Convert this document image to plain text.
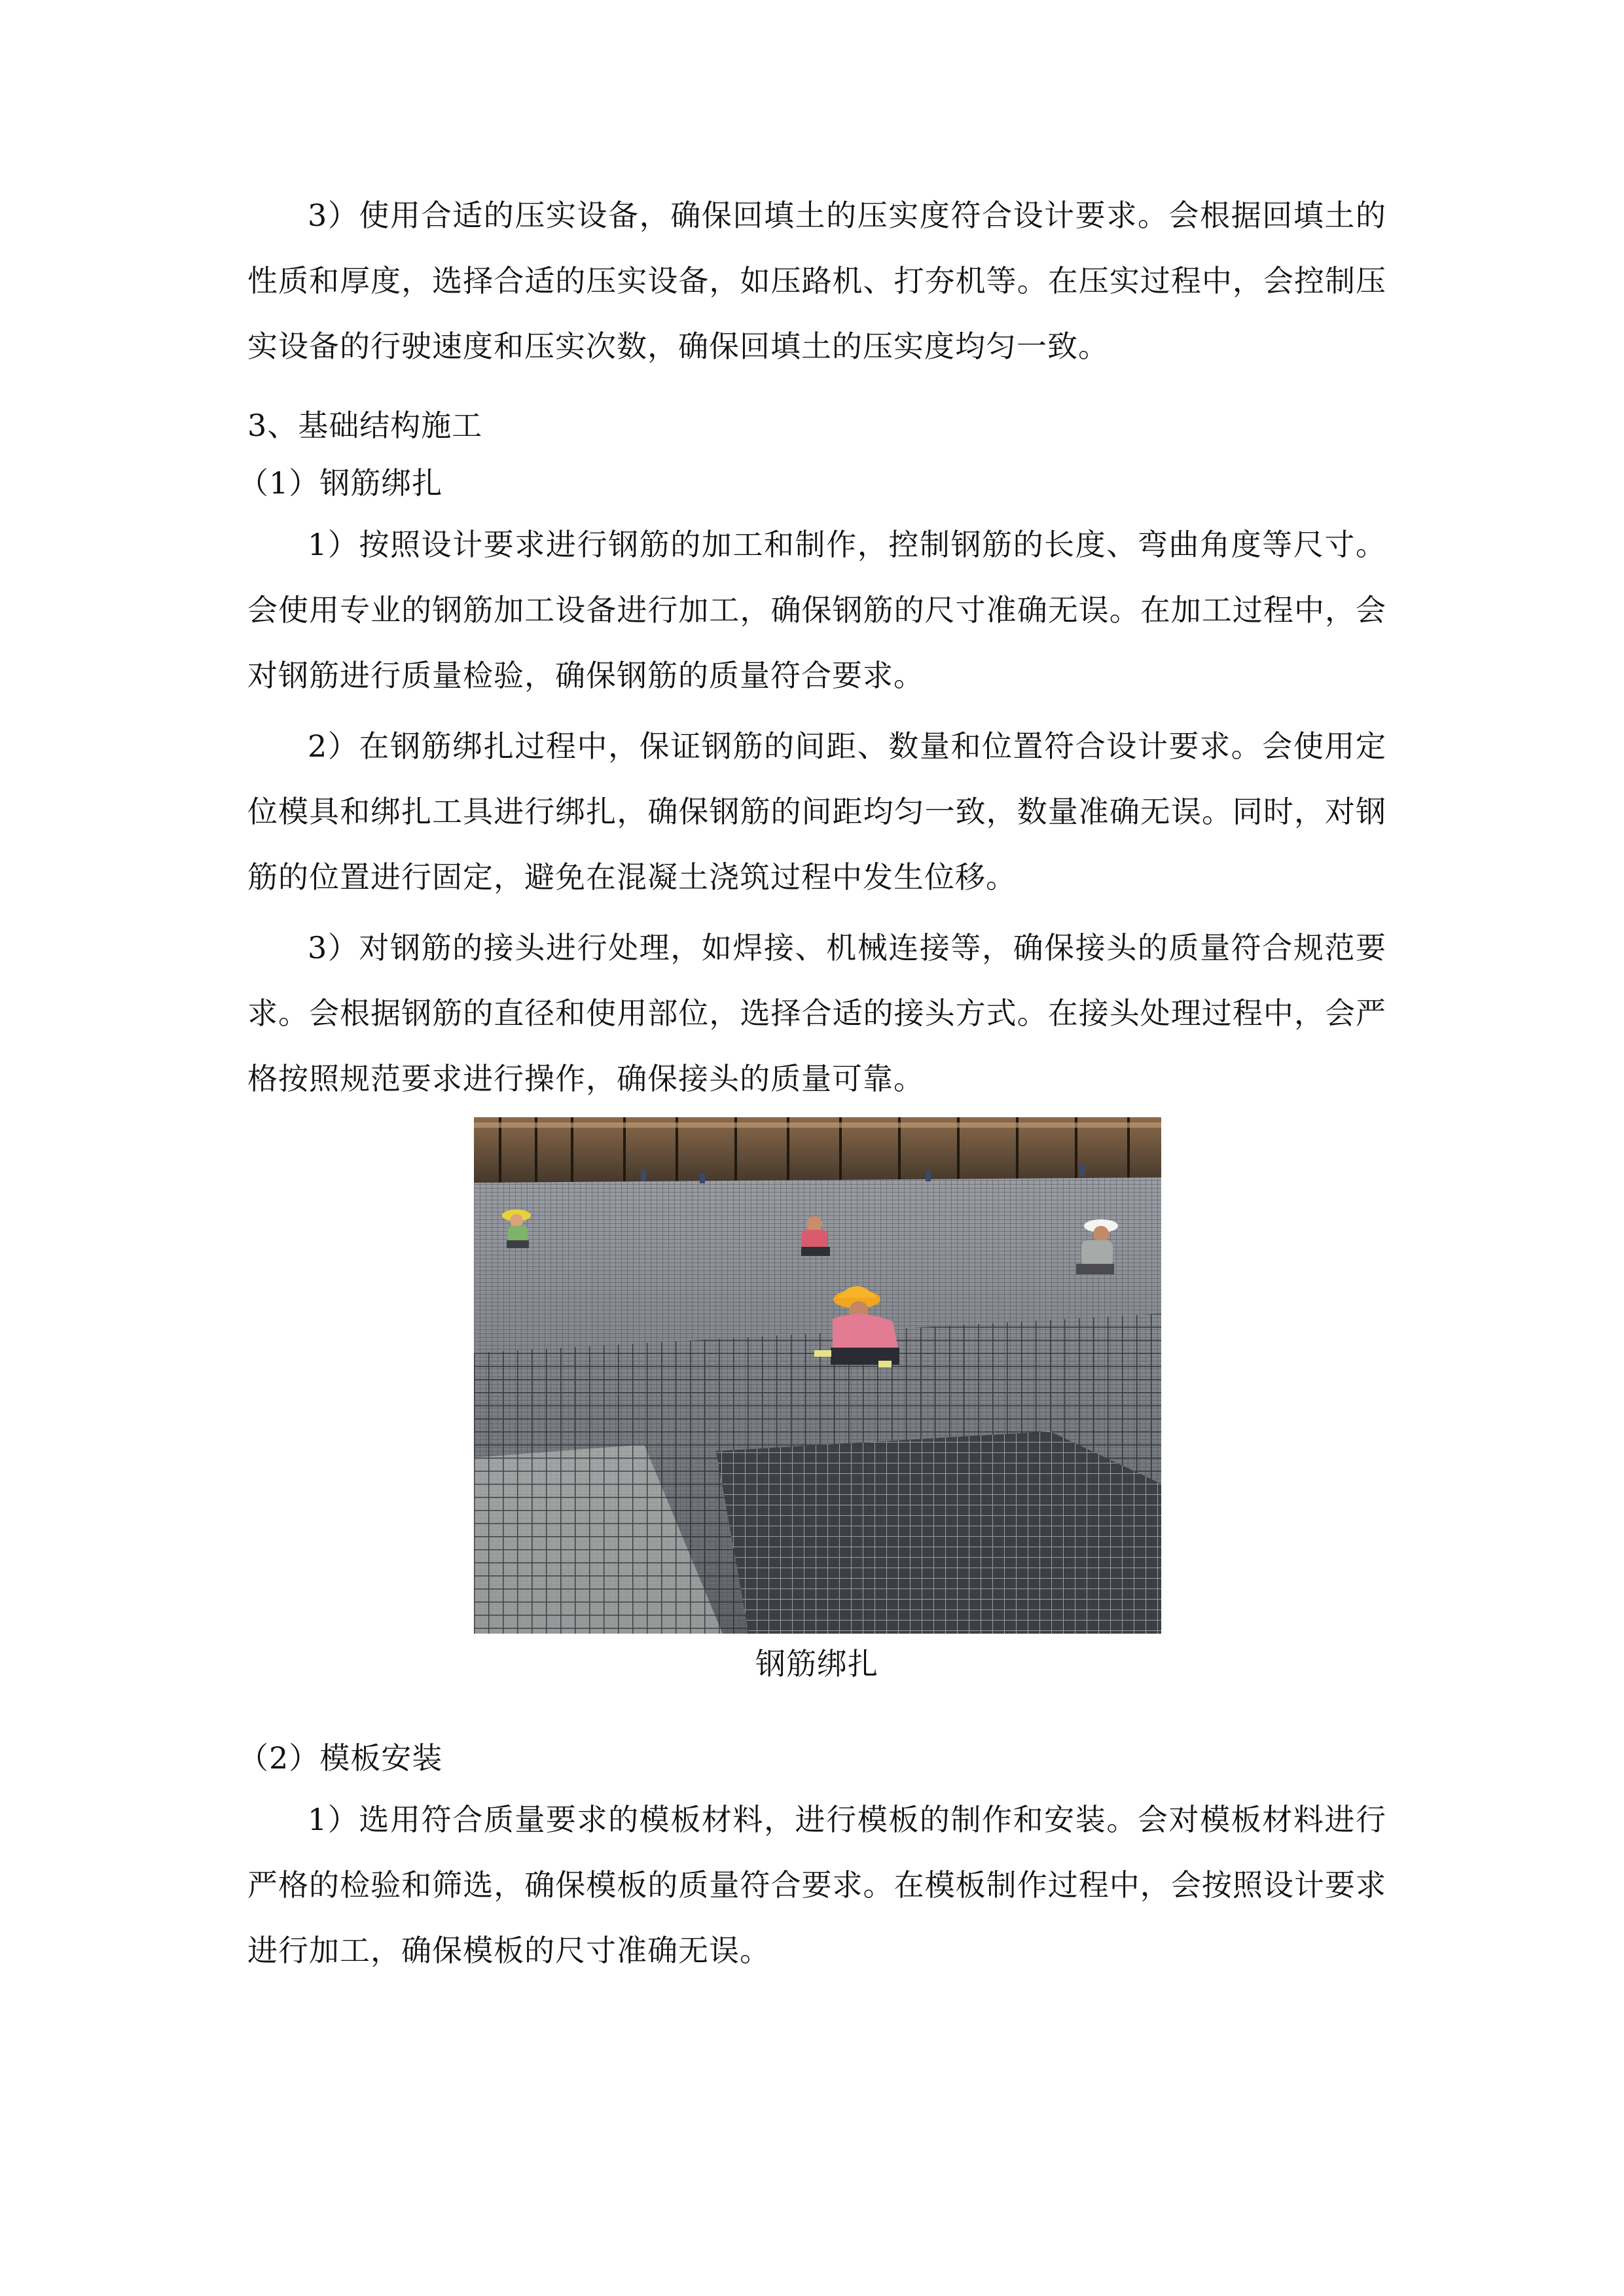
3）使用合适的压实设备，确保回填土的压实度符合设计要求。会根据回填土的性质和厚度，选择合适的压实设备，如压路机、打夯机等。在压实过程中，会控制压实设备的行驶速度和压实次数，确保回填土的压实度均匀一致。

3、基础结构施工

（1）钢筋绑扎

1）按照设计要求进行钢筋的加工和制作，控制钢筋的长度、弯曲角度等尺寸。会使用专业的钢筋加工设备进行加工，确保钢筋的尺寸准确无误。在加工过程中，会对钢筋进行质量检验，确保钢筋的质量符合要求。

2）在钢筋绑扎过程中，保证钢筋的间距、数量和位置符合设计要求。会使用定位模具和绑扎工具进行绑扎，确保钢筋的间距均匀一致，数量准确无误。同时，对钢筋的位置进行固定，避免在混凝土浇筑过程中发生位移。

3）对钢筋的接头进行处理，如焊接、机械连接等，确保接头的质量符合规范要求。会根据钢筋的直径和使用部位，选择合适的接头方式。在接头处理过程中，会严格按照规范要求进行操作，确保接头的质量可靠。

钢筋绑扎

（2）模板安装

1）选用符合质量要求的模板材料，进行模板的制作和安装。会对模板材料进行严格的检验和筛选，确保模板的质量符合要求。在模板制作过程中，会按照设计要求进行加工，确保模板的尺寸准确无误。
